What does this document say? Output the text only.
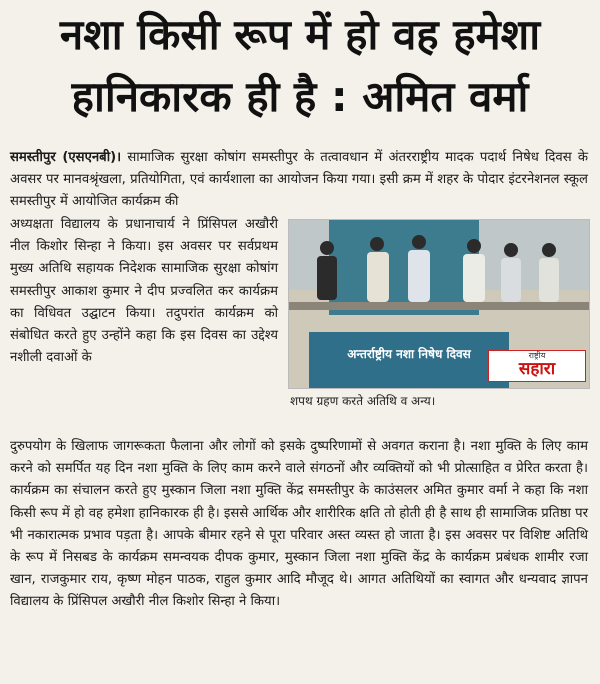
नशा किसी रूप में हो वह हमेशा
हानिकारक ही है : अमित वर्मा
समस्तीपुर (एसएनबी)। सामाजिक सुरक्षा कोषांग समस्तीपुर के तत्वावधान में अंतरराष्ट्रीय मादक पदार्थ निषेध दिवस के अवसर पर मानवश्रृंखला, प्रतियोगिता, एवं कार्यशाला का आयोजन किया गया। इसी क्रम में शहर के पोदार इंटरनेशनल स्कूल समस्तीपुर में आयोजित कार्यक्रम की
अध्यक्षता विद्यालय के प्रधानाचार्य ने प्रिंसिपल अखौरी नील किशोर सिन्हा ने किया। इस अवसर पर सर्वप्रथम मुख्य अतिथि सहायक निदेशक सामाजिक सुरक्षा कोषांग समस्तीपुर आकाश कुमार ने दीप प्रज्वलित कर कार्यक्रम का विधिवत उद्घाटन किया। तदुपरांत कार्यक्रम को संबोधित करते हुए उन्होंने कहा कि इस दिवस का उद्देश्य नशीली दवाओं के	अन्तर्राष्ट्रीय नशा निषेध दिवस	राष्ट्रीय
सहारा
शपथ ग्रहण करते अतिथि व अन्य।
दुरुपयोग के खिलाफ जागरूकता फैलाना और लोगों को इसके दुष्परिणामों से अवगत कराना है। नशा मुक्ति के लिए काम करने को समर्पित यह दिन नशा मुक्ति के लिए काम करने वाले संगठनों और व्यक्तियों को भी प्रोत्साहित व प्रेरित करता है। कार्यक्रम का संचालन करते हुए मुस्कान जिला नशा मुक्ति केंद्र समस्तीपुर के काउंसलर अमित कुमार वर्मा ने कहा कि नशा किसी रूप में हो वह हमेशा हानिकारक ही है। इससे आर्थिक और शारीरिक क्षति तो होती ही है साथ ही सामाजिक प्रतिष्ठा पर भी नकारात्मक प्रभाव पड़ता है। आपके बीमार रहने से पूरा परिवार अस्त व्यस्त हो जाता है। इस अवसर पर विशिष्ट अतिथि के रूप में निसबड के कार्यक्रम समन्वयक दीपक कुमार, मुस्कान जिला नशा मुक्ति केंद्र के कार्यक्रम प्रबंधक शामीर रजा खान, राजकुमार राय, कृष्ण मोहन पाठक, राहुल कुमार आदि मौजूद थे। आगत अतिथियों का स्वागत और धन्यवाद ज्ञापन विद्यालय के प्रिंसिपल अखौरी नील किशोर सिन्हा ने किया।
